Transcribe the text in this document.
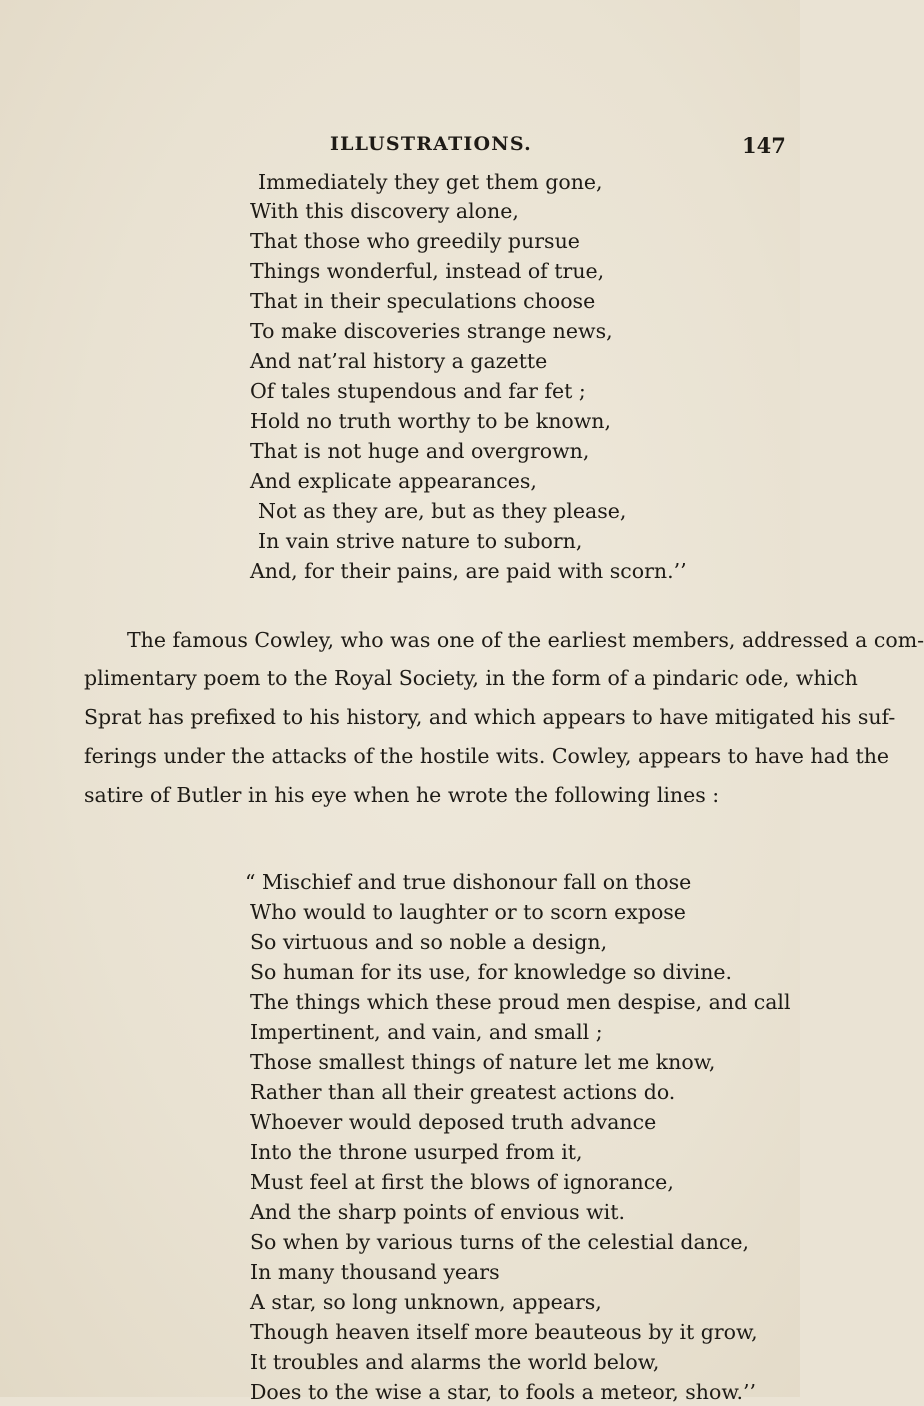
ILLUSTRATIONS.	147
Immediately they get them gone,
With this discovery alone,
That those who greedily pursue
Things wonderful, instead of true,
That in their speculations choose
To make discoveries strange news,
And nat’ral history a gazette
Of tales stupendous and far fet ;
Hold no truth worthy to be known,
That is not huge and overgrown,
And explicate appearances,
Not as they are, but as they please,
In vain strive nature to suborn,
And, for their pains, are paid with scorn.’’
The famous Cowley, who was one of the earliest members, addressed a com-
plimentary poem to the Royal Society, in the form of a pindaric ode, which
Sprat has prefixed to his history, and which appears to have mitigated his suf-
ferings under the attacks of the hostile wits. Cowley, appears to have had the
satire of Butler in his eye when he wrote the following lines :
“ Mischief and true dishonour fall on those
Who would to laughter or to scorn expose
So virtuous and so noble a design,
So human for its use, for knowledge so divine.
The things which these proud men despise, and call
Impertinent, and vain, and small ;
Those smallest things of nature let me know,
Rather than all their greatest actions do.
Whoever would deposed truth advance
Into the throne usurped from it,
Must feel at first the blows of ignorance,
And the sharp points of envious wit.
So when by various turns of the celestial dance,
In many thousand years
A star, so long unknown, appears,
Though heaven itself more beauteous by it grow,
It troubles and alarms the world below,
Does to the wise a star, to fools a meteor, show.’’
